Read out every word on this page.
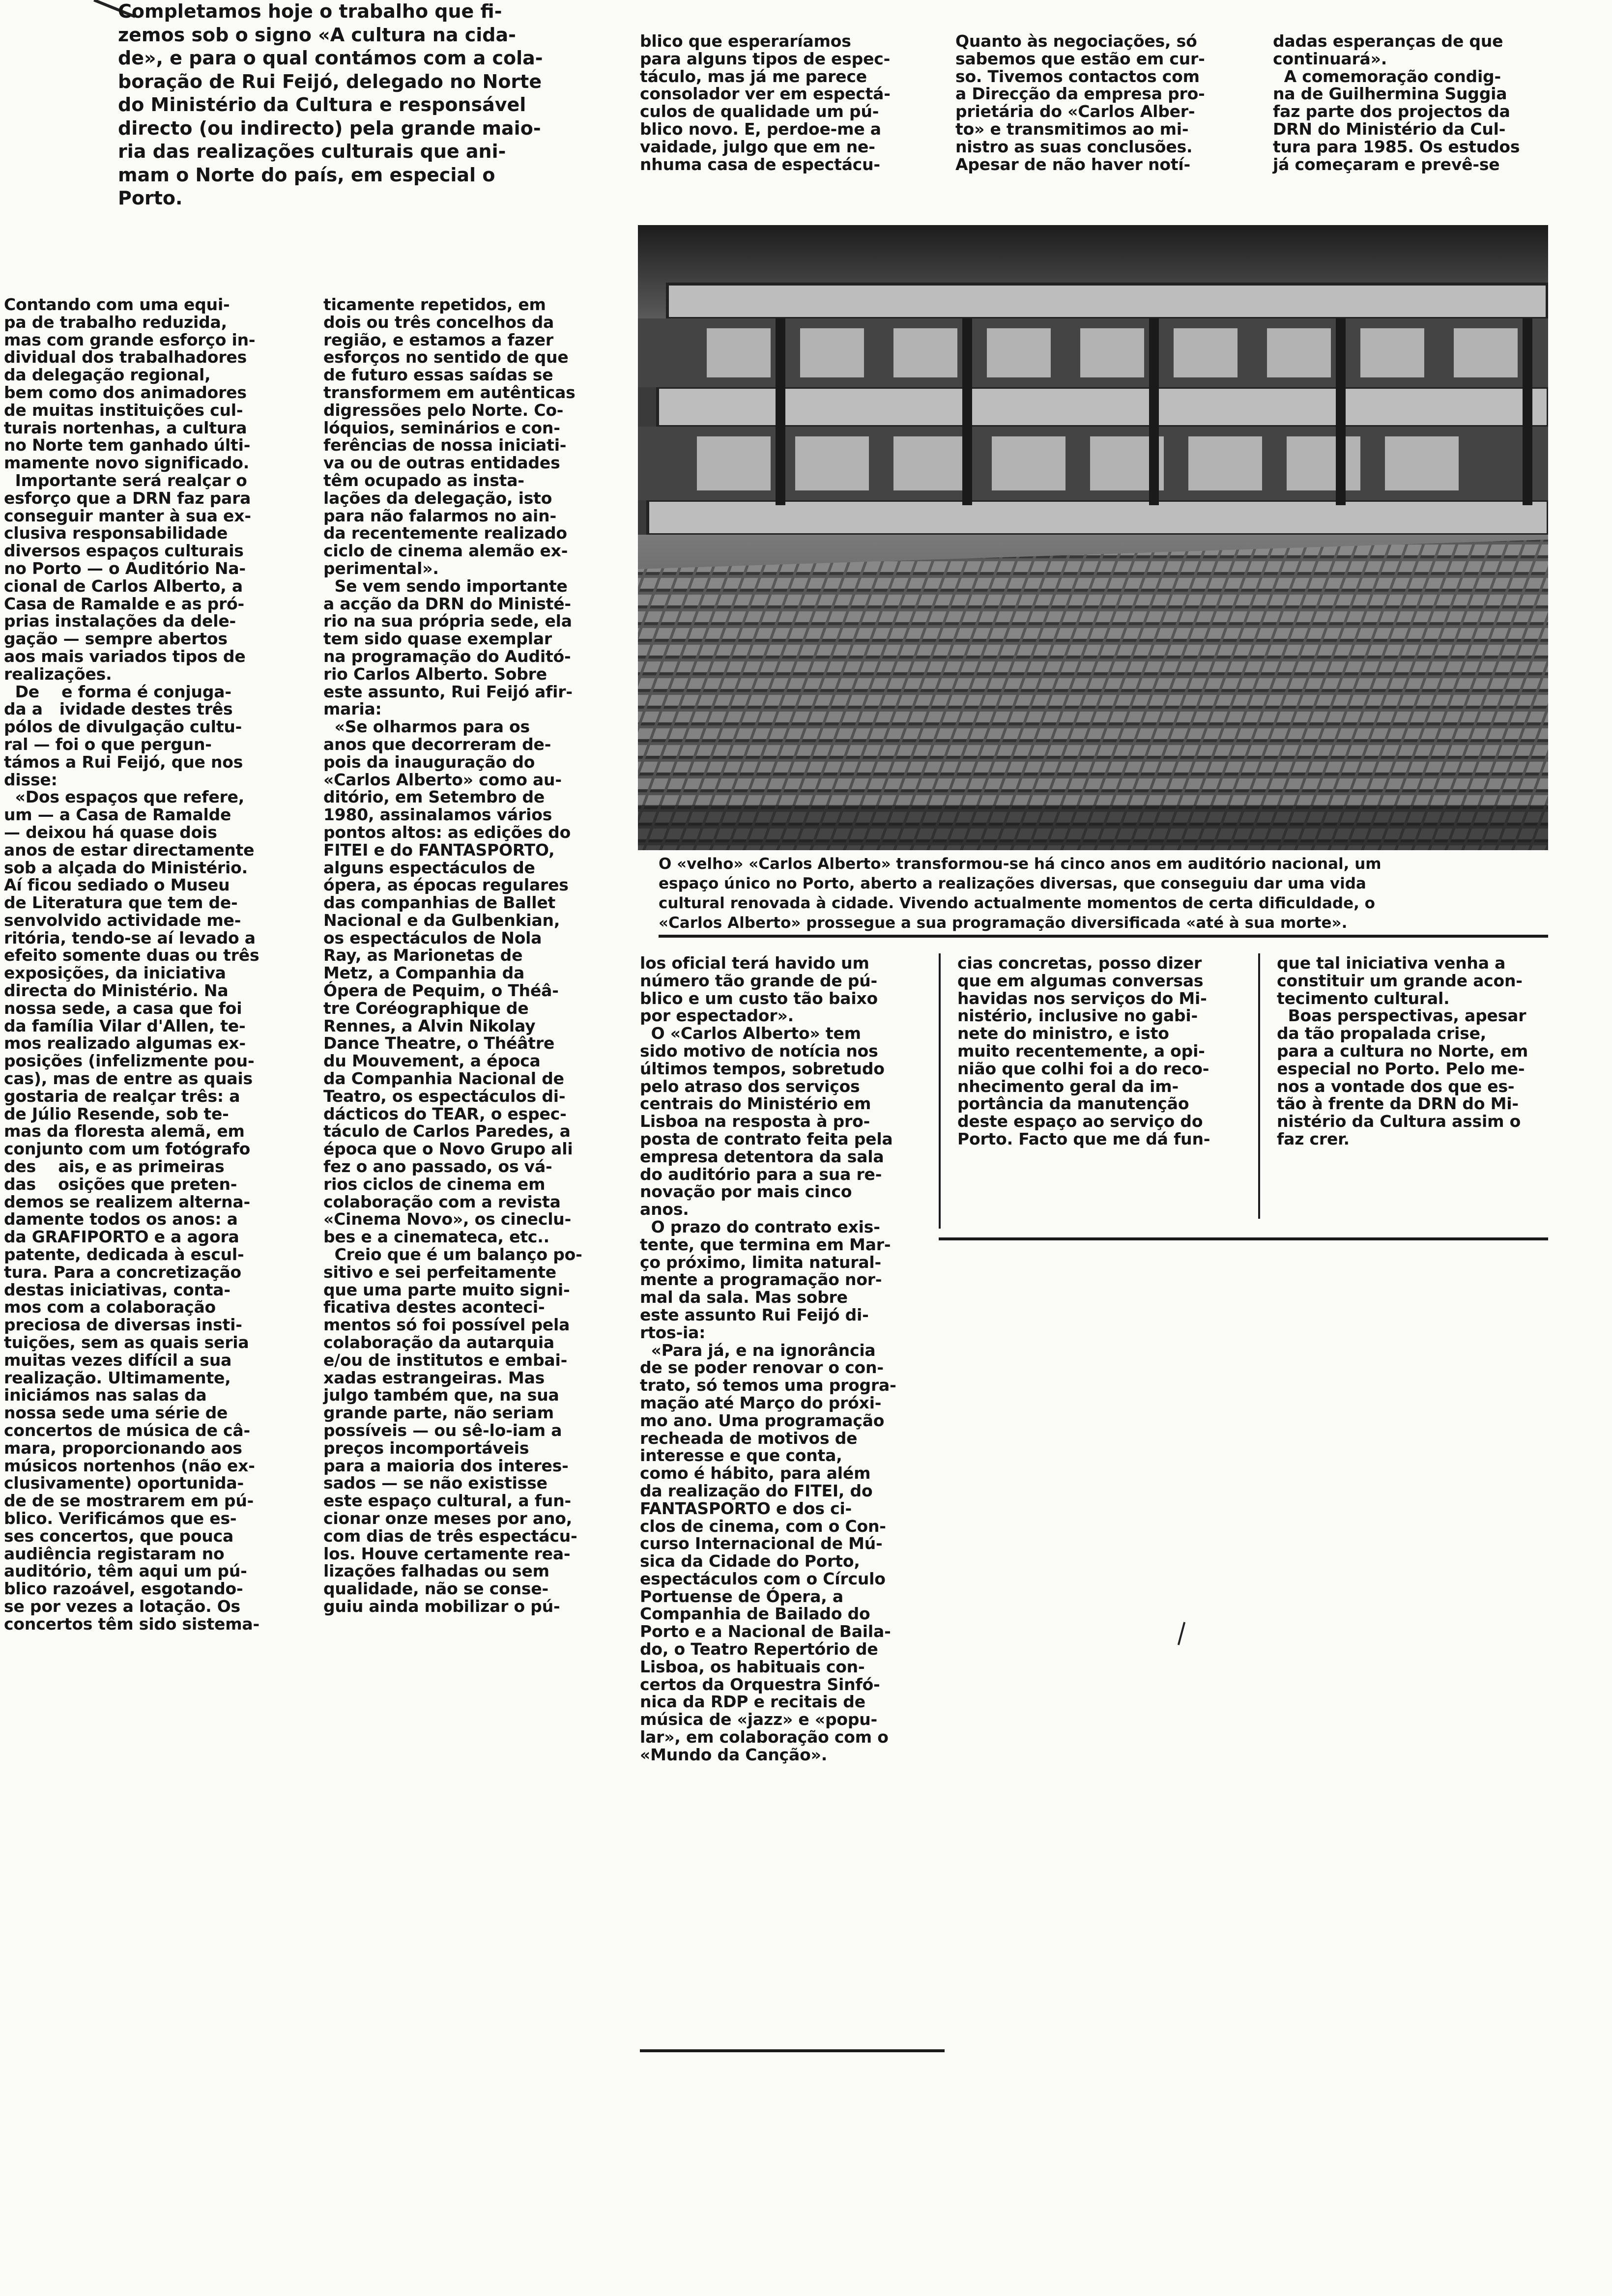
Completamos hoje o trabalho que fi-
zemos sob o signo «A cultura na cida-
de», e para o qual contámos com a cola-
boração de Rui Feijó, delegado no Norte
do Ministério da Cultura e responsável
directo (ou indirecto) pela grande maio-
ria das realizações culturais que ani-
mam o Norte do país, em especial o
Porto.

Contando com uma equi-
pa de trabalho reduzida,
mas com grande esforço in-
dividual dos trabalhadores
da delegação regional,
bem como dos animadores
de muitas instituições cul-
turais nortenhas, a cultura
no Norte tem ganhado últi-
mamente novo significado.
Importante será realçar o
esforço que a DRN faz para
conseguir manter à sua ex-
clusiva responsabilidade
diversos espaços culturais
no Porto — o Auditório Na-
cional de Carlos Alberto, a
Casa de Ramalde e as pró-
prias instalações da dele-
gação — sempre abertos
aos mais variados tipos de
realizações.
De    e forma é conjuga-
da a   ividade destes três
pólos de divulgação cultu-
ral — foi o que pergun-
támos a Rui Feijó, que nos
disse:
«Dos espaços que refere,
um — a Casa de Ramalde
— deixou há quase dois
anos de estar directamente
sob a alçada do Ministério.
Aí ficou sediado o Museu
de Literatura que tem de-
senvolvido actividade me-
ritória, tendo-se aí levado a
efeito somente duas ou três
exposições, da iniciativa
directa do Ministério. Na
nossa sede, a casa que foi
da família Vilar d'Allen, te-
mos realizado algumas ex-
posições (infelizmente pou-
cas), mas de entre as quais
gostaria de realçar três: a
de Júlio Resende, sob te-
mas da floresta alemã, em
conjunto com um fotógrafo
des    ais, e as primeiras
das    osições que preten-
demos se realizem alterna-
damente todos os anos: a
da GRAFIPORTO e a agora
patente, dedicada à escul-
tura. Para a concretização
destas iniciativas, conta-
mos com a colaboração
preciosa de diversas insti-
tuições, sem as quais seria
muitas vezes difícil a sua
realização. Ultimamente,
iniciámos nas salas da
nossa sede uma série de
concertos de música de câ-
mara, proporcionando aos
músicos nortenhos (não ex-
clusivamente) oportunida-
de de se mostrarem em pú-
blico. Verificámos que es-
ses concertos, que pouca
audiência registaram no
auditório, têm aqui um pú-
blico razoável, esgotando-
se por vezes a lotação. Os
concertos têm sido sistema-

ticamente repetidos, em
dois ou três concelhos da
região, e estamos a fazer
esforços no sentido de que
de futuro essas saídas se
transformem em autênticas
digressões pelo Norte. Co-
lóquios, seminários e con-
ferências de nossa iniciati-
va ou de outras entidades
têm ocupado as insta-
lações da delegação, isto
para não falarmos no ain-
da recentemente realizado
ciclo de cinema alemão ex-
perimental».
Se vem sendo importante
a acção da DRN do Ministé-
rio na sua própria sede, ela
tem sido quase exemplar
na programação do Auditó-
rio Carlos Alberto. Sobre
este assunto, Rui Feijó afir-
maria:
«Se olharmos para os
anos que decorreram de-
pois da inauguração do
«Carlos Alberto» como au-
ditório, em Setembro de
1980, assinalamos vários
pontos altos: as edições do
FITEI e do FANTASPORTO,
alguns espectáculos de
ópera, as épocas regulares
das companhias de Ballet
Nacional e da Gulbenkian,
os espectáculos de Nola
Ray, as Marionetas de
Metz, a Companhia da
Ópera de Pequim, o Théâ-
tre Coréographique de
Rennes, a Alvin Nikolay
Dance Theatre, o Théâtre
du Mouvement, a época
da Companhia Nacional de
Teatro, os espectáculos di-
dácticos do TEAR, o espec-
táculo de Carlos Paredes, a
época que o Novo Grupo ali
fez o ano passado, os vá-
rios ciclos de cinema em
colaboração com a revista
«Cinema Novo», os cineclu-
bes e a cinemateca, etc..
Creio que é um balanço po-
sitivo e sei perfeitamente
que uma parte muito signi-
ficativa destes aconteci-
mentos só foi possível pela
colaboração da autarquia
e/ou de institutos e embai-
xadas estrangeiras. Mas
julgo também que, na sua
grande parte, não seriam
possíveis — ou sê-lo-iam a
preços incomportáveis
para a maioria dos interes-
sados — se não existisse
este espaço cultural, a fun-
cionar onze meses por ano,
com dias de três espectácu-
los. Houve certamente rea-
lizações falhadas ou sem
qualidade, não se conse-
guiu ainda mobilizar o pú-

blico que esperaríamos
para alguns tipos de espec-
táculo, mas já me parece
consolador ver em espectá-
culos de qualidade um pú-
blico novo. E, perdoe-me a
vaidade, julgo que em ne-
nhuma casa de espectácu-

Quanto às negociações, só
sabemos que estão em cur-
so. Tivemos contactos com
a Direcção da empresa pro-
prietária do «Carlos Alber-
to» e transmitimos ao mi-
nistro as suas conclusões.
Apesar de não haver notí-

dadas esperanças de que
continuará».
A comemoração condig-
na de Guilhermina Suggia
faz parte dos projectos da
DRN do Ministério da Cul-
tura para 1985. Os estudos
já começaram e prevê-se

O «velho» «Carlos Alberto» transformou-se há cinco anos em auditório nacional, um
espaço único no Porto, aberto a realizações diversas, que conseguiu dar uma vida
cultural renovada à cidade. Vivendo actualmente momentos de certa dificuldade, o
«Carlos Alberto» prossegue a sua programação diversificada «até à sua morte».

los oficial terá havido um
número tão grande de pú-
blico e um custo tão baixo
por espectador».
O «Carlos Alberto» tem
sido motivo de notícia nos
últimos tempos, sobretudo
pelo atraso dos serviços
centrais do Ministério em
Lisboa na resposta à pro-
posta de contrato feita pela
empresa detentora da sala
do auditório para a sua re-
novação por mais cinco
anos.
O prazo do contrato exis-
tente, que termina em Mar-
ço próximo, limita natural-
mente a programação nor-
mal da sala. Mas sobre
este assunto Rui Feijó di-
rtos-ia:
«Para já, e na ignorância
de se poder renovar o con-
trato, só temos uma progra-
mação até Março do próxi-
mo ano. Uma programação
recheada de motivos de
interesse e que conta,
como é hábito, para além
da realização do FITEI, do
FANTASPORTO e dos ci-
clos de cinema, com o Con-
curso Internacional de Mú-
sica da Cidade do Porto,
espectáculos com o Círculo
Portuense de Ópera, a
Companhia de Bailado do
Porto e a Nacional de Baila-
do, o Teatro Repertório de
Lisboa, os habituais con-
certos da Orquestra Sinfó-
nica da RDP e recitais de
música de «jazz» e «popu-
lar», em colaboração com o
«Mundo da Canção».

cias concretas, posso dizer
que em algumas conversas
havidas nos serviços do Mi-
nistério, inclusive no gabi-
nete do ministro, e isto
muito recentemente, a opi-
nião que colhi foi a do reco-
nhecimento geral da im-
portância da manutenção
deste espaço ao serviço do
Porto. Facto que me dá fun-

que tal iniciativa venha a
constituir um grande acon-
tecimento cultural.
Boas perspectivas, apesar
da tão propalada crise,
para a cultura no Norte, em
especial no Porto. Pelo me-
nos a vontade dos que es-
tão à frente da DRN do Mi-
nistério da Cultura assim o
faz crer.
